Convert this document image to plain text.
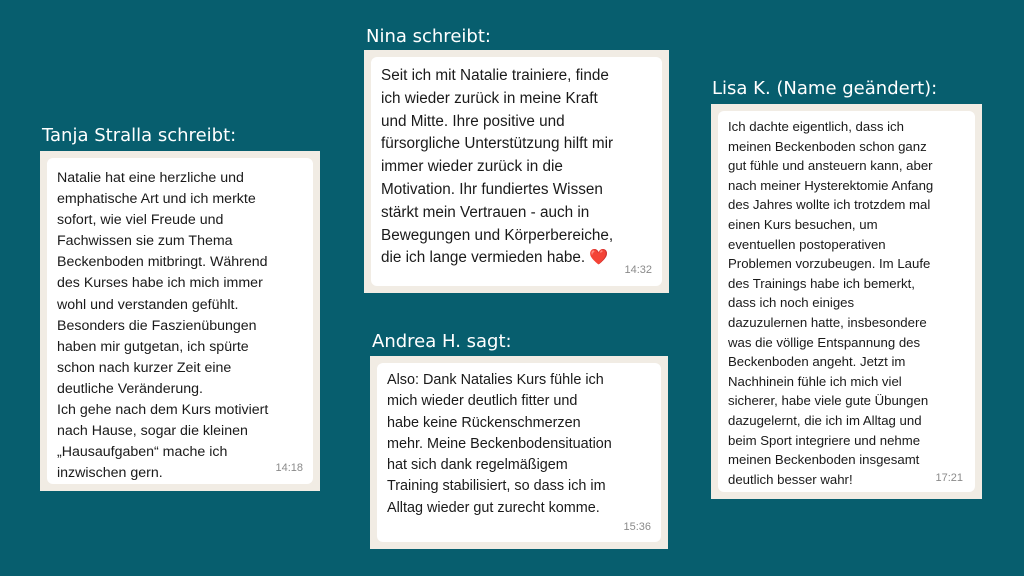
Tanja Stralla schreibt:
Natalie hat eine herzliche und
emphatische Art und ich merkte
sofort, wie viel Freude und
Fachwissen sie zum Thema
Beckenboden mitbringt. Während
des Kurses habe ich mich immer
wohl und verstanden gefühlt.
Besonders die Faszienübungen
haben mir gutgetan, ich spürte
schon nach kurzer Zeit eine
deutliche Veränderung.
Ich gehe nach dem Kurs motiviert
nach Hause, sogar die kleinen
„Hausaufgaben“ mache ich
inzwischen gern.	14:18
Nina schreibt:
Seit ich mit Natalie trainiere, finde
ich wieder zurück in meine Kraft
und Mitte. Ihre positive und
fürsorgliche Unterstützung hilft mir
immer wieder zurück in die
Motivation. Ihr fundiertes Wissen
stärkt mein Vertrauen - auch in
Bewegungen und Körperbereiche,
die ich lange vermieden habe. ❤️
14:32
Andrea H. sagt:
Also: Dank Natalies Kurs fühle ich
mich wieder deutlich fitter und
habe keine Rückenschmerzen
mehr. Meine Beckenbodensituation
hat sich dank regelmäßigem
Training stabilisiert, so dass ich im
Alltag wieder gut zurecht komme.
15:36
Lisa K. (Name geändert):
Ich dachte eigentlich, dass ich
meinen Beckenboden schon ganz
gut fühle und ansteuern kann, aber
nach meiner Hysterektomie Anfang
des Jahres wollte ich trotzdem mal
einen Kurs besuchen, um
eventuellen postoperativen
Problemen vorzubeugen. Im Laufe
des Trainings habe ich bemerkt,
dass ich noch einiges
dazuzulernen hatte, insbesondere
was die völlige Entspannung des
Beckenboden angeht. Jetzt im
Nachhinein fühle ich mich viel
sicherer, habe viele gute Übungen
dazugelernt, die ich im Alltag und
beim Sport integriere und nehme
meinen Beckenboden insgesamt
deutlich besser wahr!	17:21
